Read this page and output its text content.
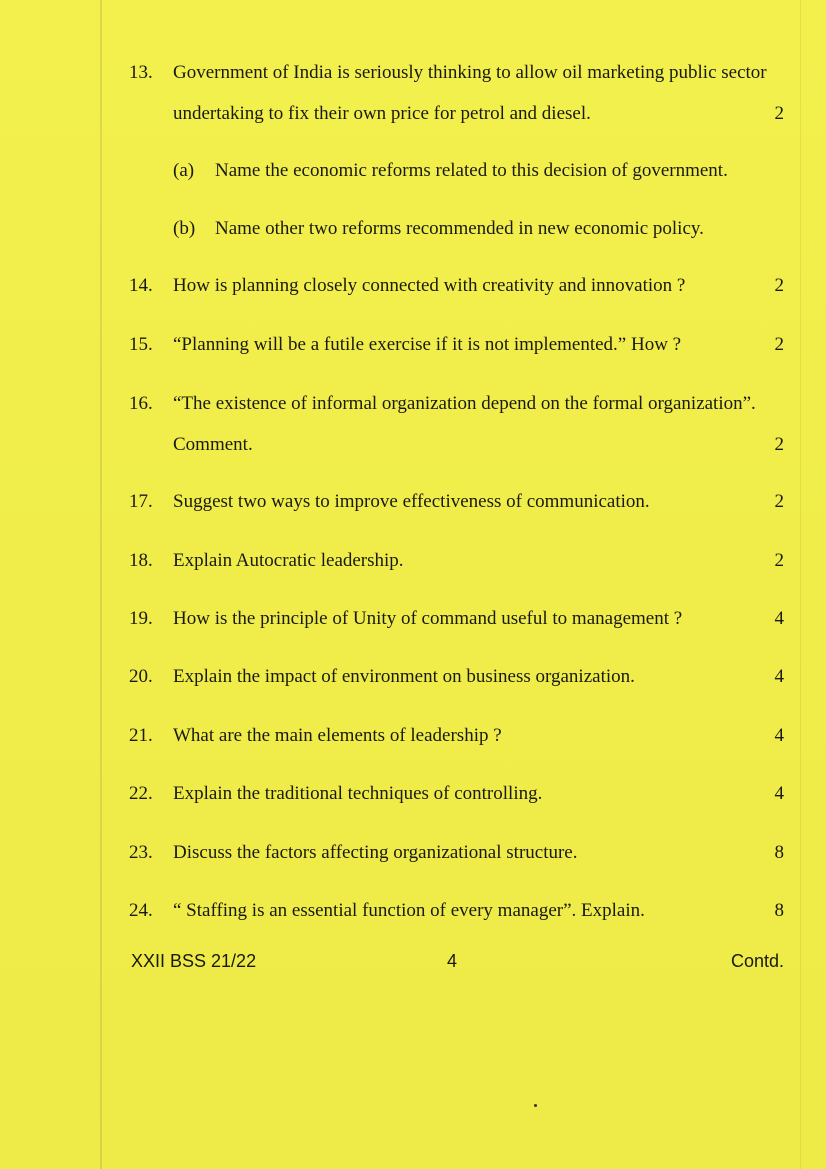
13.	Government of India is seriously thinking to allow oil marketing public sector
undertaking to fix their own price for petrol and diesel.	2
(a) Name the economic reforms related to this decision of government.
(b) Name other two reforms recommended in new economic policy.
14.	How is planning closely connected with creativity and innovation ?	2
15.	“Planning will be a futile exercise if it is not implemented.” How ?	2
16.	“The existence of informal organization depend on the formal organization”.
Comment.	2
17.	Suggest two ways to improve effectiveness of communication.	2
18.	Explain Autocratic leadership.	2
19.	How is the principle of Unity of command useful to management ?	4
20.	Explain the impact of environment on business organization.	4
21.	What are the main elements of leadership ?	4
22.	Explain the traditional techniques of controlling.	4
23.	Discuss the factors affecting organizational structure.	8
24.	“ Staffing is an essential function of every manager”. Explain.	8
XXII BSS 21/22	4	Contd.
